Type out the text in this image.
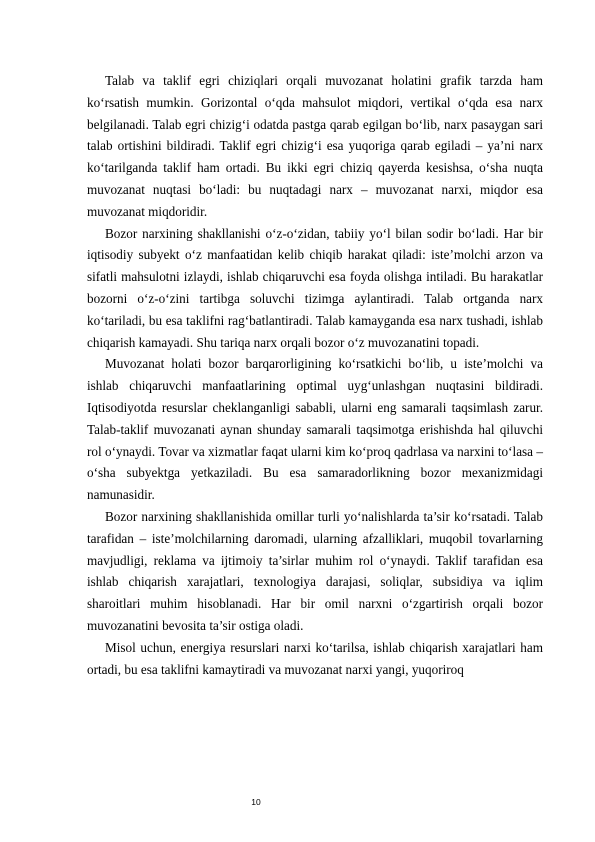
Talab va taklif egri chiziqlari orqali muvozanat holatini grafik tarzda ham ko‘rsatish mumkin. Gorizontal o‘qda mahsulot miqdori, vertikal o‘qda esa narx belgilanadi. Talab egri chizig‘i odatda pastga qarab egilgan bo‘lib, narx pasaygan sari talab ortishini bildiradi. Taklif egri chizig‘i esa yuqoriga qarab egiladi – ya’ni narx ko‘tarilganda taklif ham ortadi. Bu ikki egri chiziq qayerda kesishsa, o‘sha nuqta muvozanat nuqtasi bo‘ladi: bu nuqtadagi narx – muvozanat narxi, miqdor esa muvozanat miqdoridir.

Bozor narxining shakllanishi o‘z-o‘zidan, tabiiy yo‘l bilan sodir bo‘ladi. Har bir iqtisodiy subyekt o‘z manfaatidan kelib chiqib harakat qiladi: iste’molchi arzon va sifatli mahsulotni izlaydi, ishlab chiqaruvchi esa foyda olishga intiladi. Bu harakatlar bozorni o‘z-o‘zini tartibga soluvchi tizimga aylantiradi. Talab ortganda narx ko‘tariladi, bu esa taklifni rag‘batlantiradi. Talab kamayganda esa narx tushadi, ishlab chiqarish kamayadi. Shu tariqa narx orqali bozor o‘z muvozanatini topadi.

Muvozanat holati bozor barqarorligining ko‘rsatkichi bo‘lib, u iste’molchi va ishlab chiqaruvchi manfaatlarining optimal uyg‘unlashgan nuqtasini bildiradi. Iqtisodiyotda resurslar cheklanganligi sababli, ularni eng samarali taqsimlash zarur. Talab-taklif muvozanati aynan shunday samarali taqsimotga erishishda hal qiluvchi rol o‘ynaydi. Tovar va xizmatlar faqat ularni kim ko‘proq qadrlasa va narxini to‘lasa – o‘sha subyektga yetkaziladi. Bu esa samaradorlikning bozor mexanizmidagi namunasidir.

Bozor narxining shakllanishida omillar turli yo‘nalishlarda ta’sir ko‘rsatadi. Talab tarafidan – iste’molchilarning daromadi, ularning afzalliklari, muqobil tovarlarning mavjudligi, reklama va ijtimoiy ta’sirlar muhim rol o‘ynaydi. Taklif tarafidan esa ishlab chiqarish xarajatlari, texnologiya darajasi, soliqlar, subsidiya va iqlim sharoitlari muhim hisoblanadi. Har bir omil narxni o‘zgartirish orqali bozor muvozanatini bevosita ta’sir ostiga oladi.

Misol uchun, energiya resurslari narxi ko‘tarilsa, ishlab chiqarish xarajatlari ham ortadi, bu esa taklifni kamaytiradi va muvozanat narxi yangi, yuqoriroq

10
